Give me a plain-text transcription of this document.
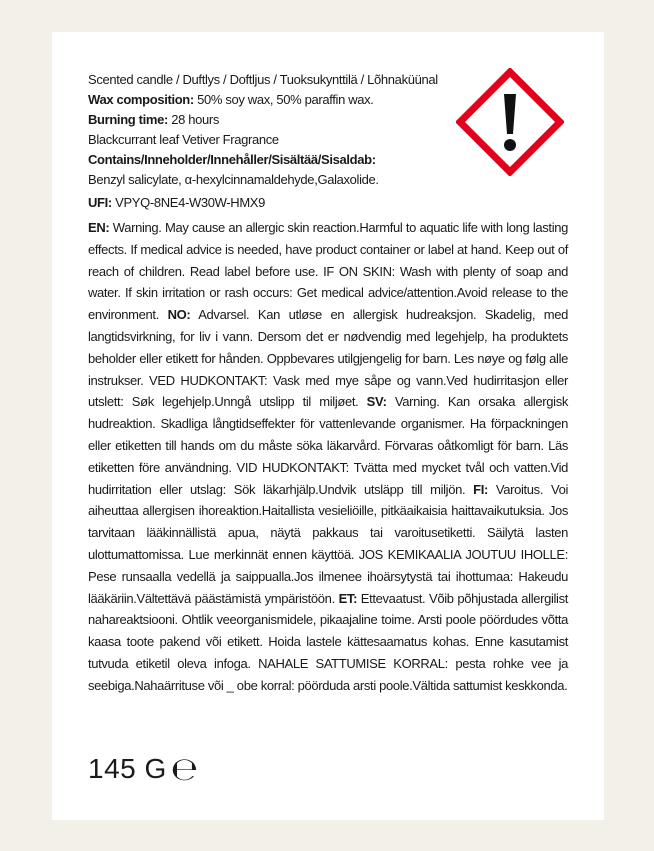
Scented candle / Duftlys / Doftljus / Tuoksukynttilä / Lõhnaküünal
Wax composition: 50% soy wax, 50% paraffin wax.
Burning time: 28 hours
Blackcurrant leaf Vetiver Fragrance
Contains/Inneholder/Innehåller/Sisältää/Sisaldab:
Benzyl salicylate, α-hexylcinnamaldehyde,Galaxolide.
UFI: VPYQ-8NE4-W30W-HMX9
EN: Warning. May cause an allergic skin reaction.Harmful to aquatic life with long lasting effects. If medical advice is needed, have product container or label at hand. Keep out of reach of children. Read label before use. IF ON SKIN: Wash with plenty of soap and water. If skin irritation or rash occurs: Get medical advice/attention.Avoid release to the environment. NO: Advarsel. Kan utløse en allergisk hudreaksjon. Skadelig, med langtidsvirkning, for liv i vann. Dersom det er nødvendig med legehjelp, ha produktets beholder eller etikett for hånden. Oppbevares utilgjengelig for barn. Les nøye og følg alle instrukser. VED HUDKONTAKT: Vask med mye såpe og vann.Ved hudirritasjon eller utslett: Søk legehjelp.Unngå utslipp til miljøet. SV: Varning. Kan orsaka allergisk hudreaktion. Skadliga långtidseffekter för vattenlevande organismer. Ha förpackningen eller etiketten till hands om du måste söka läkarvård. Förvaras oåtkomligt för barn. Läs etiketten före användning. VID HUDKONTAKT: Tvätta med mycket tvål och vatten.Vid hudirritation eller utslag: Sök läkarhjälp.Undvik utsläpp till miljön. FI: Varoitus. Voi aiheuttaa allergisen ihoreaktion.Haitallista vesieliöille, pitkäaikaisia haittavaikutuksia. Jos tarvitaan lääkinnällistä apua, näytä pakkaus tai varoitusetiketti. Säilytä lasten ulottumattomissa. Lue merkinnät ennen käyttöä. JOS KEMIKAALIA JOUTUU IHOLLE: Pese runsaalla vedellä ja saippualla.Jos ilmenee ihoärsytystä tai ihottumaa: Hakeudu lääkäriin.Vältettävä päästämistä ympäristöön. ET: Ettevaatust. Võib põhjustada allergilist nahareaktsiooni. Ohtlik veeorganismidele, pikaajaline toime. Arsti poole pöördudes võtta kaasa toote pakend või etikett. Hoida lastele kättesaamatus kohas. Enne kasutamist tutvuda etiketil oleva infoga. NAHALE SATTUMISE KORRAL: pesta rohke vee ja seebiga.Nahaärrituse või _ obe korral: pöörduda arsti poole.Vältida sattumist keskkonda.
145 G ℮
